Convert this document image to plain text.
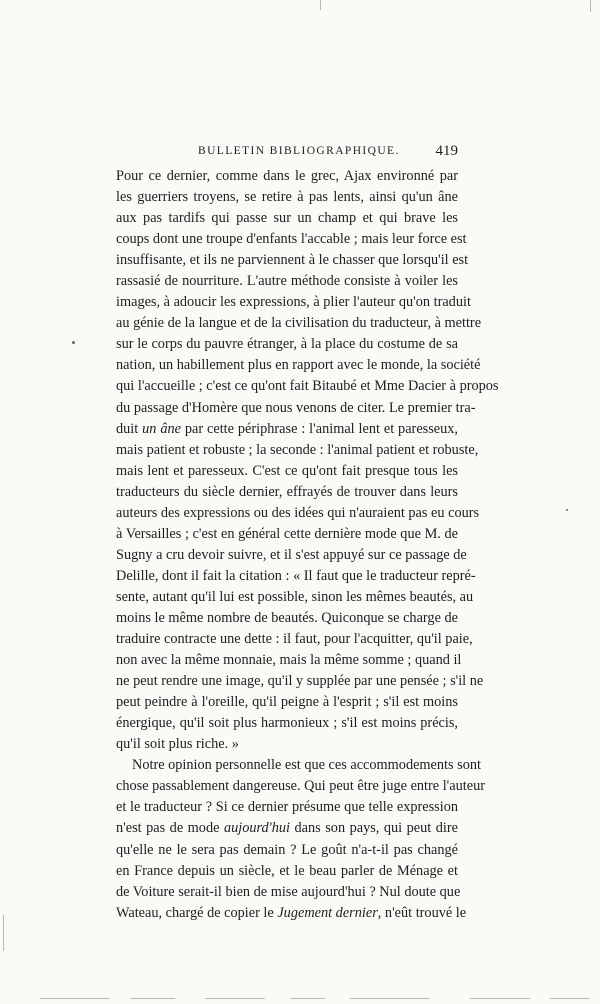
BULLETIN BIBLIOGRAPHIQUE. 419
Pour ce dernier, comme dans le grec, Ajax environné par
les guerriers troyens, se retire à pas lents, ainsi qu'un âne
aux pas tardifs qui passe sur un champ et qui brave les
coups dont une troupe d'enfants l'accable ; mais leur force est
insuffisante, et ils ne parviennent à le chasser que lorsqu'il est
rassasié de nourriture. L'autre méthode consiste à voiler les
images, à adoucir les expressions, à plier l'auteur qu'on traduit
au génie de la langue et de la civilisation du traducteur, à mettre
sur le corps du pauvre étranger, à la place du costume de sa
nation, un habillement plus en rapport avec le monde, la société
qui l'accueille ; c'est ce qu'ont fait Bitaubé et Mme Dacier à propos
du passage d'Homère que nous venons de citer. Le premier tra-
duit un âne par cette périphrase : l'animal lent et paresseux,
mais patient et robuste ; la seconde : l'animal patient et robuste,
mais lent et paresseux. C'est ce qu'ont fait presque tous les
traducteurs du siècle dernier, effrayés de trouver dans leurs
auteurs des expressions ou des idées qui n'auraient pas eu cours
à Versailles ; c'est en général cette dernière mode que M. de
Sugny a cru devoir suivre, et il s'est appuyé sur ce passage de
Delille, dont il fait la citation : « Il faut que le traducteur repré-
sente, autant qu'il lui est possible, sinon les mêmes beautés, au
moins le même nombre de beautés. Quiconque se charge de
traduire contracte une dette : il faut, pour l'acquitter, qu'il paie,
non avec la même monnaie, mais la même somme ; quand il
ne peut rendre une image, qu'il y supplée par une pensée ; s'il ne
peut peindre à l'oreille, qu'il peigne à l'esprit ; s'il est moins
énergique, qu'il soit plus harmonieux ; s'il est moins précis,
qu'il soit plus riche. »
Notre opinion personnelle est que ces accommodements sont
chose passablement dangereuse. Qui peut être juge entre l'auteur
et le traducteur ? Si ce dernier présume que telle expression
n'est pas de mode aujourd'hui dans son pays, qui peut dire
qu'elle ne le sera pas demain ? Le goût n'a-t-il pas changé
en France depuis un siècle, et le beau parler de Ménage et
de Voiture serait-il bien de mise aujourd'hui ? Nul doute que
Wateau, chargé de copier le Jugement dernier, n'eût trouvé le
